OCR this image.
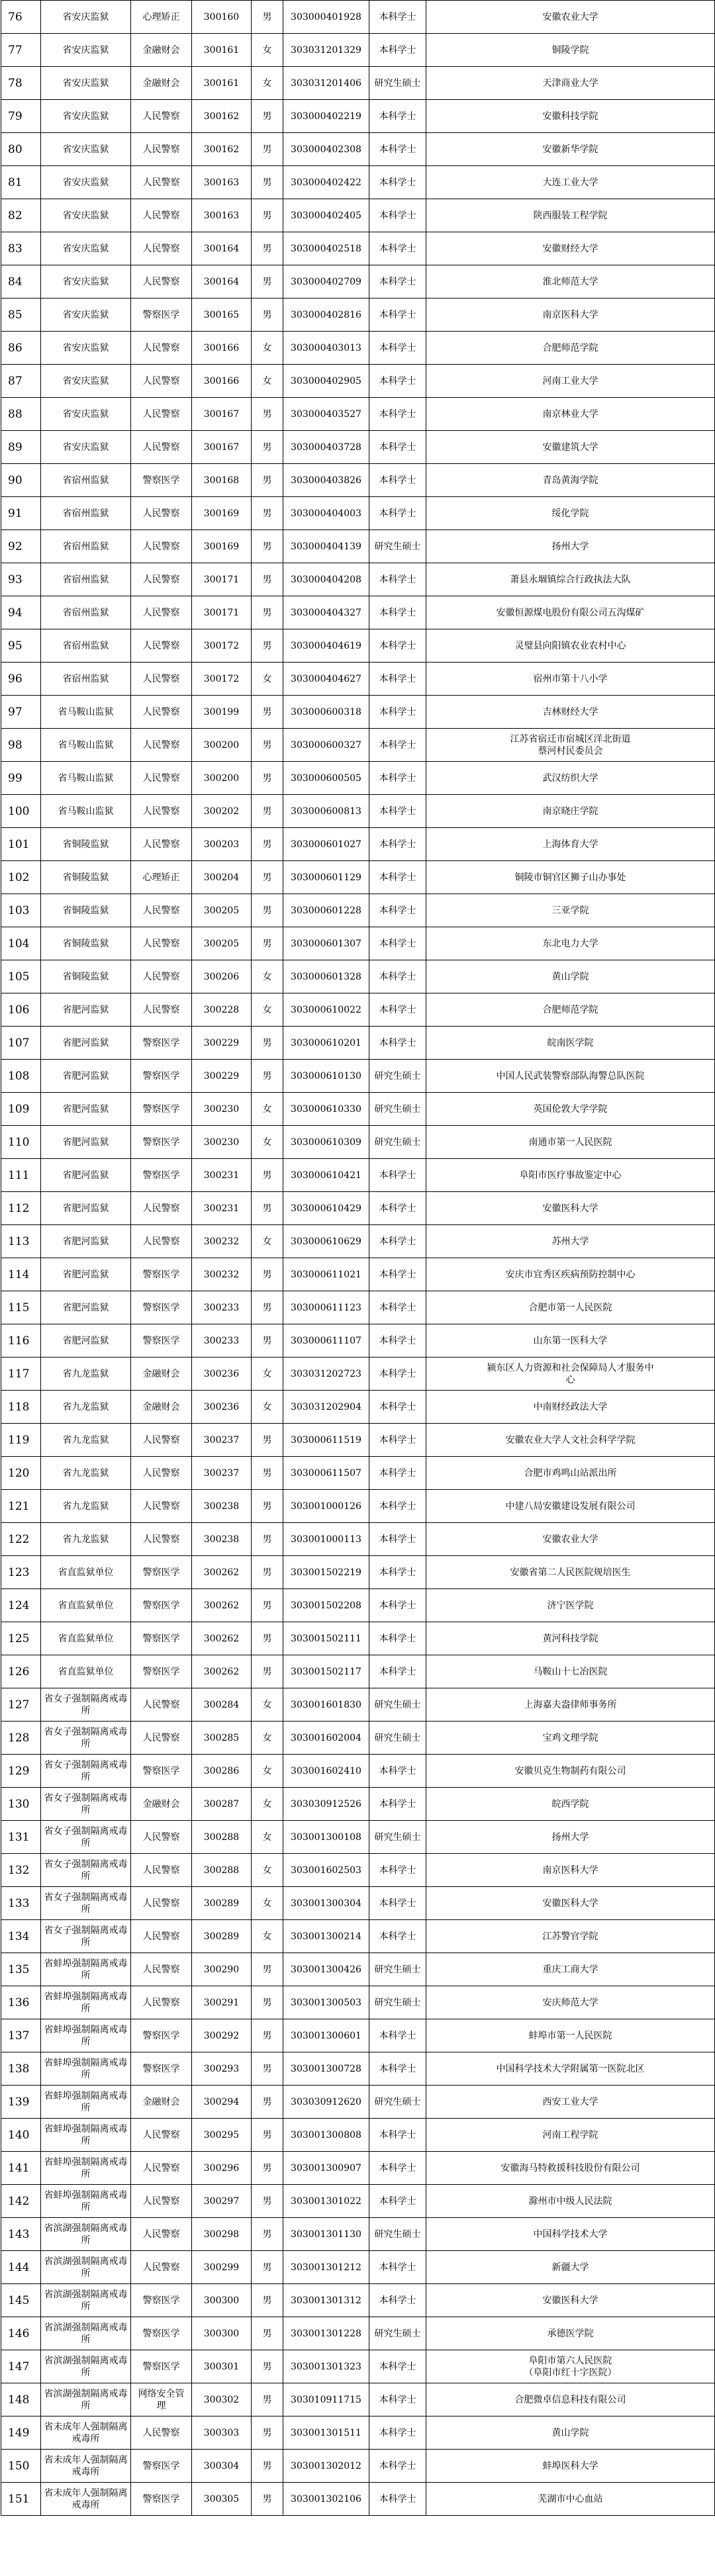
76	省安庆监狱	心理矫正	300160	男	303000401928	本科学士	安徽农业大学
77	省安庆监狱	金融财会	300161	女	303031201329	本科学士	铜陵学院
78	省安庆监狱	金融财会	300161	女	303031201406	研究生硕士	天津商业大学
79	省安庆监狱	人民警察	300162	男	303000402219	本科学士	安徽科技学院
80	省安庆监狱	人民警察	300162	男	303000402308	本科学士	安徽新华学院
81	省安庆监狱	人民警察	300163	男	303000402422	本科学士	大连工业大学
82	省安庆监狱	人民警察	300163	男	303000402405	本科学士	陕西服装工程学院
83	省安庆监狱	人民警察	300164	男	303000402518	本科学士	安徽财经大学
84	省安庆监狱	人民警察	300164	男	303000402709	本科学士	淮北师范大学
85	省安庆监狱	警察医学	300165	男	303000402816	本科学士	南京医科大学
86	省安庆监狱	人民警察	300166	女	303000403013	本科学士	合肥师范学院
87	省安庆监狱	人民警察	300166	女	303000402905	本科学士	河南工业大学
88	省安庆监狱	人民警察	300167	男	303000403527	本科学士	南京林业大学
89	省安庆监狱	人民警察	300167	男	303000403728	本科学士	安徽建筑大学
90	省宿州监狱	警察医学	300168	男	303000403826	本科学士	青岛黄海学院
91	省宿州监狱	人民警察	300169	男	303000404003	本科学士	绥化学院
92	省宿州监狱	人民警察	300169	男	303000404139	研究生硕士	扬州大学
93	省宿州监狱	人民警察	300171	男	303000404208	本科学士	萧县永堌镇综合行政执法大队
94	省宿州监狱	人民警察	300171	男	303000404327	本科学士	安徽恒源煤电股份有限公司五沟煤矿
95	省宿州监狱	人民警察	300172	男	303000404619	本科学士	灵璧县向阳镇农业农村中心
96	省宿州监狱	人民警察	300172	女	303000404627	本科学士	宿州市第十八小学
97	省马鞍山监狱	人民警察	300199	男	303000600318	本科学士	吉林财经大学
98	省马鞍山监狱	人民警察	300200	男	303000600327	本科学士	江苏省宿迁市宿城区洋北街道
蔡河村民委员会
99	省马鞍山监狱	人民警察	300200	男	303000600505	本科学士	武汉纺织大学
100	省马鞍山监狱	人民警察	300202	男	303000600813	本科学士	南京晓庄学院
101	省铜陵监狱	人民警察	300203	男	303000601027	本科学士	上海体育大学
102	省铜陵监狱	心理矫正	300204	男	303000601129	本科学士	铜陵市铜官区狮子山办事处
103	省铜陵监狱	人民警察	300205	男	303000601228	本科学士	三亚学院
104	省铜陵监狱	人民警察	300205	男	303000601307	本科学士	东北电力大学
105	省铜陵监狱	人民警察	300206	女	303000601328	本科学士	黄山学院
106	省肥河监狱	人民警察	300228	女	303000610022	本科学士	合肥师范学院
107	省肥河监狱	警察医学	300229	男	303000610201	本科学士	皖南医学院
108	省肥河监狱	警察医学	300229	男	303000610130	研究生硕士	中国人民武装警察部队海警总队医院
109	省肥河监狱	警察医学	300230	女	303000610330	研究生硕士	英国伦敦大学学院
110	省肥河监狱	警察医学	300230	女	303000610309	研究生硕士	南通市第一人民医院
111	省肥河监狱	警察医学	300231	男	303000610421	本科学士	阜阳市医疗事故鉴定中心
112	省肥河监狱	人民警察	300231	男	303000610429	本科学士	安徽医科大学
113	省肥河监狱	人民警察	300232	女	303000610629	本科学士	苏州大学
114	省肥河监狱	警察医学	300232	男	303000611021	本科学士	安庆市宜秀区疾病预防控制中心
115	省肥河监狱	警察医学	300233	男	303000611123	本科学士	合肥市第一人民医院
116	省肥河监狱	警察医学	300233	男	303000611107	本科学士	山东第一医科大学
117	省九龙监狱	金融财会	300236	女	303031202723	本科学士	颍东区人力资源和社会保障局人才服务中
心
118	省九龙监狱	金融财会	300236	女	303031202904	本科学士	中南财经政法大学
119	省九龙监狱	人民警察	300237	男	303000611519	本科学士	安徽农业大学人文社会科学学院
120	省九龙监狱	人民警察	300237	男	303000611507	本科学士	合肥市鸡鸣山站派出所
121	省九龙监狱	人民警察	300238	男	303001000126	本科学士	中建八局安徽建设发展有限公司
122	省九龙监狱	人民警察	300238	男	303001000113	本科学士	安徽农业大学
123	省直监狱单位	警察医学	300262	男	303001502219	本科学士	安徽省第二人民医院规培医生
124	省直监狱单位	警察医学	300262	男	303001502208	本科学士	济宁医学院
125	省直监狱单位	警察医学	300262	男	303001502111	本科学士	黄河科技学院
126	省直监狱单位	警察医学	300262	男	303001502117	本科学士	马鞍山十七冶医院
127	省女子强制隔离戒毒所	人民警察	300284	女	303001601830	研究生硕士	上海嘉夫盎律师事务所
128	省女子强制隔离戒毒所	人民警察	300285	女	303001602004	研究生硕士	宝鸡文理学院
129	省女子强制隔离戒毒所	警察医学	300286	女	303001602410	本科学士	安徽贝克生物制药有限公司
130	省女子强制隔离戒毒所	金融财会	300287	女	303030912526	本科学士	皖西学院
131	省女子强制隔离戒毒所	人民警察	300288	女	303001300108	研究生硕士	扬州大学
132	省女子强制隔离戒毒所	人民警察	300288	女	303001602503	本科学士	南京医科大学
133	省女子强制隔离戒毒所	人民警察	300289	女	303001300304	本科学士	安徽医科大学
134	省女子强制隔离戒毒所	人民警察	300289	女	303001300214	本科学士	江苏警官学院
135	省蚌埠强制隔离戒毒所	人民警察	300290	男	303001300426	研究生硕士	重庆工商大学
136	省蚌埠强制隔离戒毒所	人民警察	300291	男	303001300503	研究生硕士	安庆师范大学
137	省蚌埠强制隔离戒毒所	警察医学	300292	男	303001300601	本科学士	蚌埠市第一人民医院
138	省蚌埠强制隔离戒毒所	警察医学	300293	男	303001300728	本科学士	中国科学技术大学附属第一医院北区
139	省蚌埠强制隔离戒毒所	金融财会	300294	男	303030912620	研究生硕士	西安工业大学
140	省蚌埠强制隔离戒毒所	人民警察	300295	男	303001300808	本科学士	河南工程学院
141	省蚌埠强制隔离戒毒所	人民警察	300296	男	303001300907	本科学士	安徽海马特救援科技股份有限公司
142	省蚌埠强制隔离戒毒所	人民警察	300297	男	303001301022	本科学士	滁州市中级人民法院
143	省滨湖强制隔离戒毒所	人民警察	300298	男	303001301130	研究生硕士	中国科学技术大学
144	省滨湖强制隔离戒毒所	人民警察	300299	男	303001301212	本科学士	新疆大学
145	省滨湖强制隔离戒毒所	警察医学	300300	男	303001301312	本科学士	安徽医科大学
146	省滨湖强制隔离戒毒所	警察医学	300300	男	303001301228	研究生硕士	承德医学院
147	省滨湖强制隔离戒毒所	警察医学	300301	男	303001301323	本科学士	阜阳市第六人民医院
（阜阳市红十字医院）
148	省滨湖强制隔离戒毒所	网络安全管理	300302	男	303010911715	本科学士	合肥微卓信息科技有限公司
149	省未成年人强制隔离戒毒所	人民警察	300303	男	303001301511	本科学士	黄山学院
150	省未成年人强制隔离戒毒所	警察医学	300304	男	303001302012	本科学士	蚌埠医科大学
151	省未成年人强制隔离戒毒所	警察医学	300305	男	303001302106	本科学士	芜湖市中心血站
